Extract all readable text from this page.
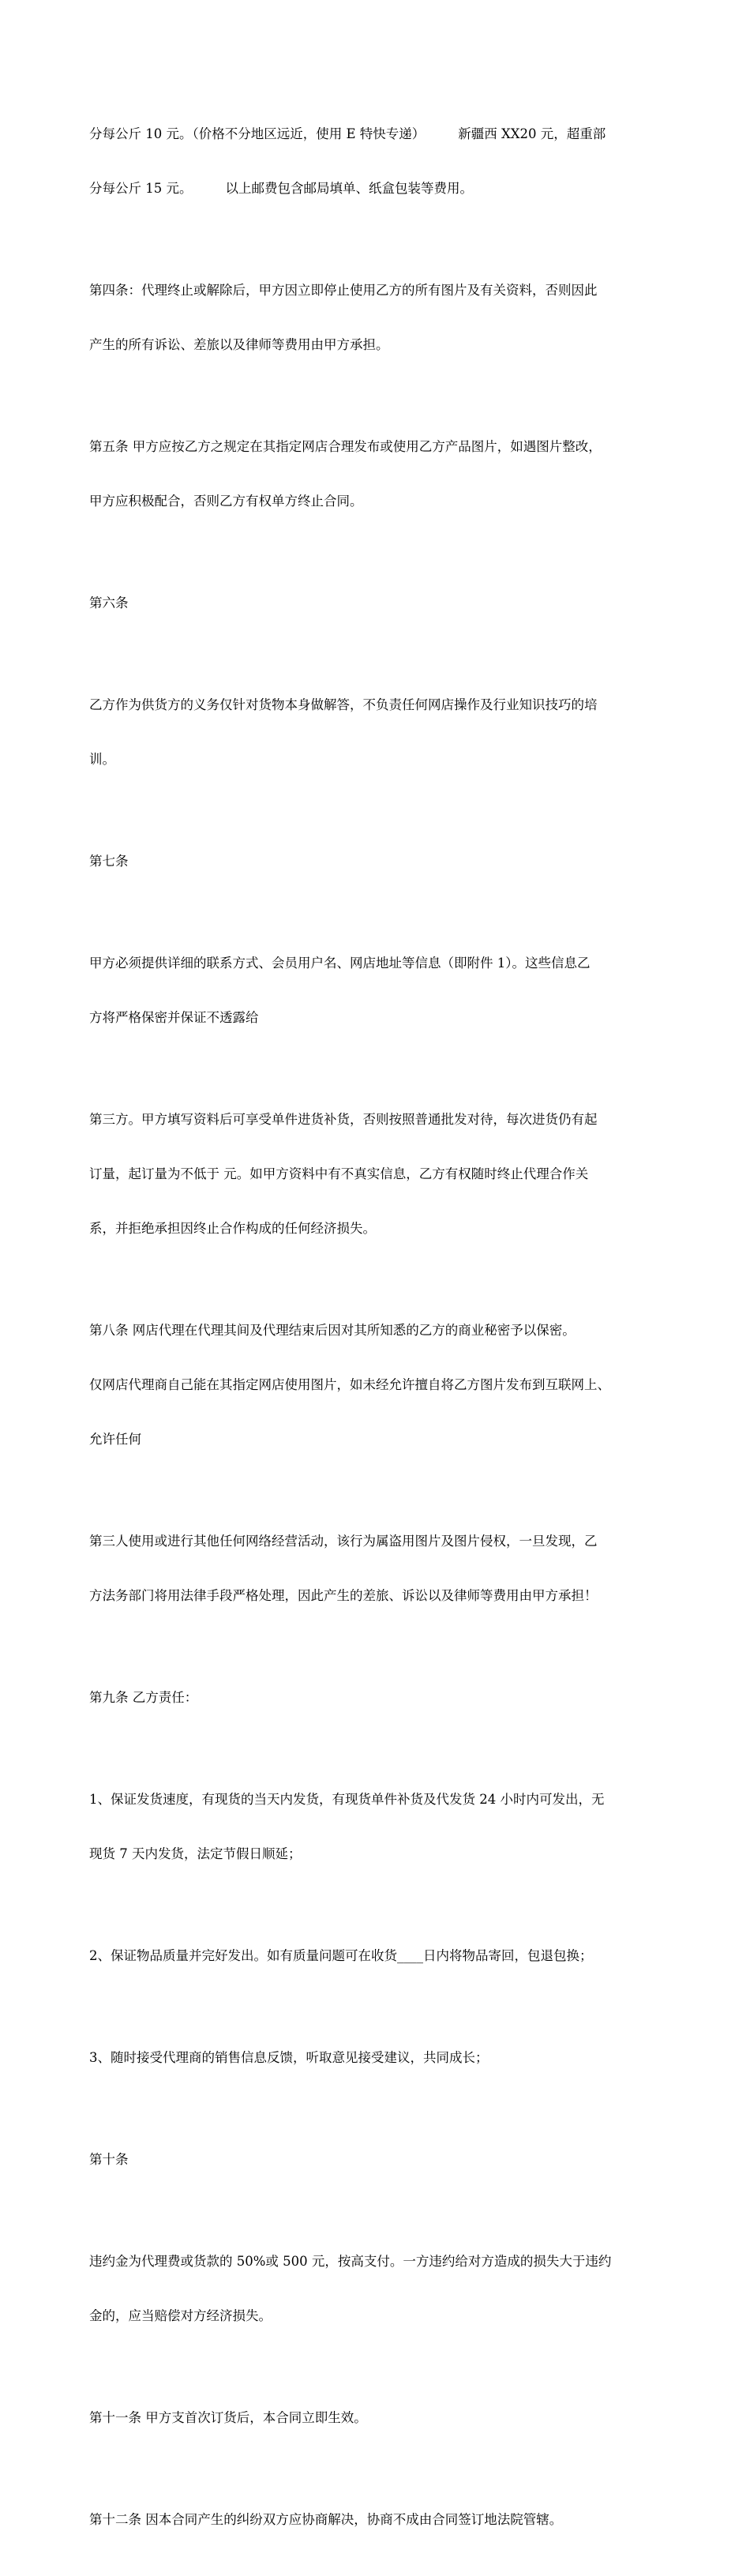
分每公斤 10 元。（价格不分地区远近，使用 E 特快专递）        新疆西 XX20 元，超重部

分每公斤 15 元。        以上邮费包含邮局填单、纸盒包装等费用。

第四条：代理终止或解除后，甲方因立即停止使用乙方的所有图片及有关资料，否则因此

产生的所有诉讼、差旅以及律师等费用由甲方承担。

第五条 甲方应按乙方之规定在其指定网店合理发布或使用乙方产品图片，如遇图片整改，

甲方应积极配合，否则乙方有权单方终止合同。

第六条

乙方作为供货方的义务仅针对货物本身做解答，不负责任何网店操作及行业知识技巧的培

训。

第七条

甲方必须提供详细的联系方式、会员用户名、网店地址等信息（即附件 1）。这些信息乙

方将严格保密并保证不透露给

第三方。甲方填写资料后可享受单件进货补货，否则按照普通批发对待，每次进货仍有起

订量，起订量为不低于 元。如甲方资料中有不真实信息，乙方有权随时终止代理合作关

系，并拒绝承担因终止合作构成的任何经济损失。

第八条 网店代理在代理其间及代理结束后因对其所知悉的乙方的商业秘密予以保密。

仅网店代理商自己能在其指定网店使用图片，如未经允许擅自将乙方图片发布到互联网上、

允许任何

第三人使用或进行其他任何网络经营活动，该行为属盗用图片及图片侵权，一旦发现，乙

方法务部门将用法律手段严格处理，因此产生的差旅、诉讼以及律师等费用由甲方承担！

第九条 乙方责任：

1、保证发货速度，有现货的当天内发货，有现货单件补货及代发货 24 小时内可发出，无

现货 7 天内发货，法定节假日顺延；

2、保证物品质量并完好发出。如有质量问题可在收货____日内将物品寄回，包退包换；

3、随时接受代理商的销售信息反馈，听取意见接受建议，共同成长；

第十条

违约金为代理费或货款的 50%或 500 元，按高支付。一方违约给对方造成的损失大于违约

金的，应当赔偿对方经济损失。

第十一条 甲方支首次订货后，本合同立即生效。

第十二条 因本合同产生的纠纷双方应协商解决，协商不成由合同签订地法院管辖。
